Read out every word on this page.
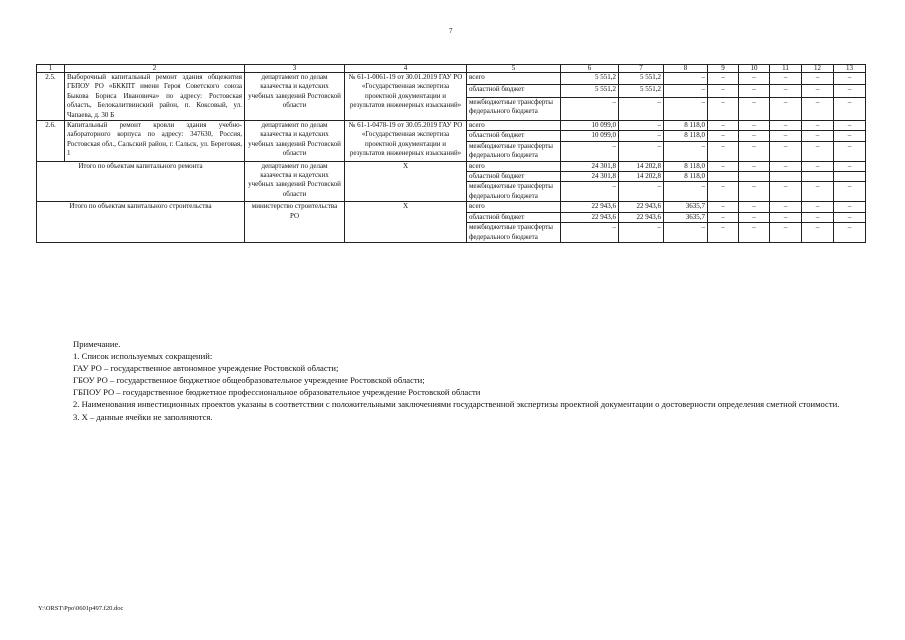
7
1	2	3	4	5	6	7	8	9	10	11	12	13
2.5.	Выборочный капитальный ремонт здания общежития ГБПОУ РО «БККПТ имени Героя Советского союза Быкова Бориса Ивановича» по адресу: Ростовская область, Белокалитвинский район, п. Коксовый, ул. Чапаева, д. 30 Б	департамент по делам казачества и кадетских учебных заведений Ростовской области	№ 61-1-0061-19 от 30.01.2019 ГАУ РО «Государственная экспертиза проектной документации и результатов инженерных изысканий»	всего	5 551,2	5 551,2	–	–	–	–	–	–
				областной бюджет	5 551,2	5 551,2	–	–	–	–	–	–
				межбюджетные трансферты федерального бюджета	–	–	–	–	–	–	–	–
2.6.	Капитальный ремонт кровли здания учебно-лабораторного корпуса по адресу: 347630, Россия, Ростовская обл., Сальский район, г. Сальск, ул. Береговая, 1	департамент по делам казачества и кадетских учебных заведений Ростовской области	№ 61-1-0478-19 от 30.05.2019 ГАУ РО «Государственная экспертиза проектной документации и результатов инженерных изысканий»	всего	10 099,0	–	8 118,0	–	–	–	–	–
				областной бюджет	10 099,0	–	8 118,0	–	–	–	–	–
				межбюджетные трансферты федерального бюджета	–	–	–	–	–	–	–	–
Итого по объектам капитального ремонта		департамент по делам казачества и кадетских учебных заведений Ростовской области	Х	всего	24 301,8	14 202,8	8 118,0	–	–	–	–	–
				областной бюджет	24 301,8	14 202,8	8 118,0					
				межбюджетные трансферты федерального бюджета	–	–	–	–	–	–	–	–
Итого по объектам капитального строительства		министерство строительства РО	Х	всего	22 943,6	22 943,6	3635,7	–	–	–	–	–
				областной бюджет	22 943,6	22 943,6	3635,7	–	–	–	–	–
				межбюджетные трансферты федерального бюджета	–	–	–	–	–	–	–	–
Примечание.
1. Список используемых сокращений:
ГАУ РО – государственное автономное учреждение Ростовской области;
ГБОУ РО – государственное бюджетное общеобразовательное учреждение Ростовской области;
ГБПОУ РО – государственное бюджетное профессиональное образовательное учреждение Ростовской области
2. Наименования инвестиционных проектов указаны в соответствии с положительными заключениями государственной экспертизы проектной документации о достоверности определения сметной стоимости.
3. Х – данные ячейки не заполняются.
Y:\ORST\Ppo\0601p497.f20.doc
